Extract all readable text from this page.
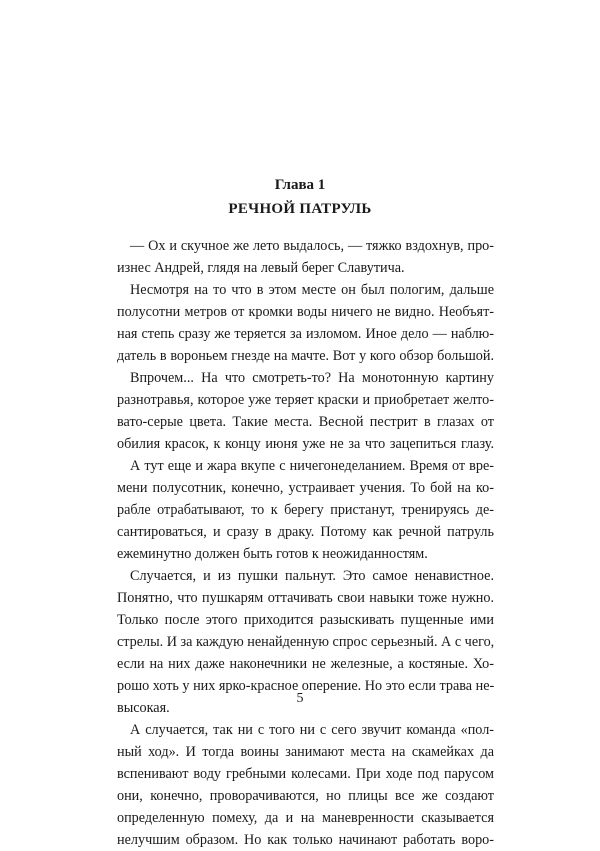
Глава 1
РЕЧНОЙ ПАТРУЛЬ
— Ох и скучное же лето выдалось, — тяжко вздохнув, про-
изнес Андрей, глядя на левый берег Славутича.
Несмотря на то что в этом месте он был пологим, дальше
полусотни метров от кромки воды ничего не видно. Необъят-
ная степь сразу же теряется за изломом. Иное дело — наблю-
датель в вороньем гнезде на мачте. Вот у кого обзор большой.
Впрочем... На что смотреть-то? На монотонную картину
разнотравья, которое уже теряет краски и приобретает желто-
вато-серые цвета. Такие места. Весной пестрит в глазах от
обилия красок, к концу июня уже не за что зацепиться глазу.
А тут еще и жара вкупе с ничегонеделанием. Время от вре-
мени полусотник, конечно, устраивает учения. То бой на ко-
рабле отрабатывают, то к берегу пристанут, тренируясь де-
сантироваться, и сразу в драку. Потому как речной патруль
ежеминутно должен быть готов к неожиданностям.
Случается, и из пушки пальнут. Это самое ненавистное.
Понятно, что пушкарям оттачивать свои навыки тоже нужно.
Только после этого приходится разыскивать пущенные ими
стрелы. И за каждую ненайденную спрос серьезный. А с чего,
если на них даже наконечники не железные, а костяные. Хо-
рошо хоть у них ярко-красное оперение. Но это если трава не-
высокая.
А случается, так ни с того ни с сего звучит команда «пол-
ный ход». И тогда воины занимают места на скамейках да
вспенивают воду гребными колесами. При ходе под парусом
они, конечно, проворачиваются, но плицы все же создают
определенную помеху, да и на маневренности сказывается
нелучшим образом. Но как только начинают работать воро-
5
